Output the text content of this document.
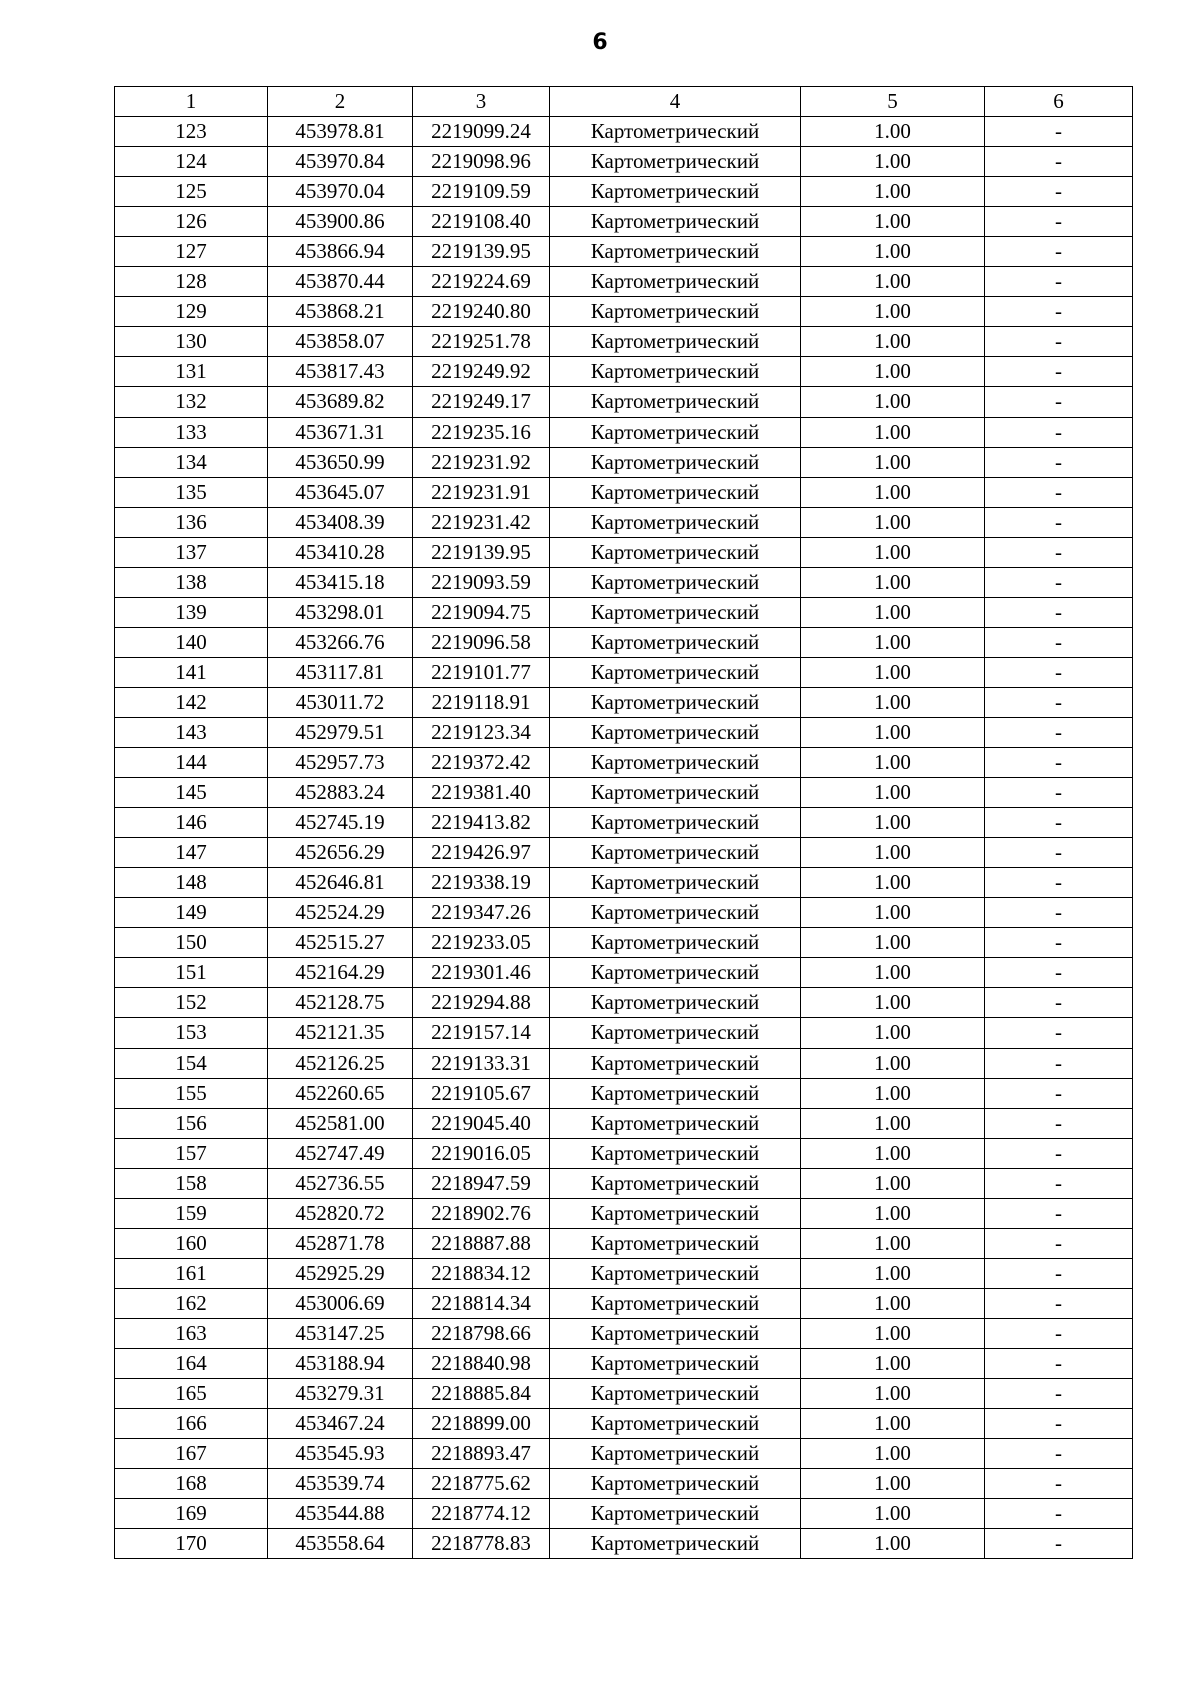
6
1	2	3	4	5	6
123	453978.81	2219099.24	Картометрический	1.00	-
124	453970.84	2219098.96	Картометрический	1.00	-
125	453970.04	2219109.59	Картометрический	1.00	-
126	453900.86	2219108.40	Картометрический	1.00	-
127	453866.94	2219139.95	Картометрический	1.00	-
128	453870.44	2219224.69	Картометрический	1.00	-
129	453868.21	2219240.80	Картометрический	1.00	-
130	453858.07	2219251.78	Картометрический	1.00	-
131	453817.43	2219249.92	Картометрический	1.00	-
132	453689.82	2219249.17	Картометрический	1.00	-
133	453671.31	2219235.16	Картометрический	1.00	-
134	453650.99	2219231.92	Картометрический	1.00	-
135	453645.07	2219231.91	Картометрический	1.00	-
136	453408.39	2219231.42	Картометрический	1.00	-
137	453410.28	2219139.95	Картометрический	1.00	-
138	453415.18	2219093.59	Картометрический	1.00	-
139	453298.01	2219094.75	Картометрический	1.00	-
140	453266.76	2219096.58	Картометрический	1.00	-
141	453117.81	2219101.77	Картометрический	1.00	-
142	453011.72	2219118.91	Картометрический	1.00	-
143	452979.51	2219123.34	Картометрический	1.00	-
144	452957.73	2219372.42	Картометрический	1.00	-
145	452883.24	2219381.40	Картометрический	1.00	-
146	452745.19	2219413.82	Картометрический	1.00	-
147	452656.29	2219426.97	Картометрический	1.00	-
148	452646.81	2219338.19	Картометрический	1.00	-
149	452524.29	2219347.26	Картометрический	1.00	-
150	452515.27	2219233.05	Картометрический	1.00	-
151	452164.29	2219301.46	Картометрический	1.00	-
152	452128.75	2219294.88	Картометрический	1.00	-
153	452121.35	2219157.14	Картометрический	1.00	-
154	452126.25	2219133.31	Картометрический	1.00	-
155	452260.65	2219105.67	Картометрический	1.00	-
156	452581.00	2219045.40	Картометрический	1.00	-
157	452747.49	2219016.05	Картометрический	1.00	-
158	452736.55	2218947.59	Картометрический	1.00	-
159	452820.72	2218902.76	Картометрический	1.00	-
160	452871.78	2218887.88	Картометрический	1.00	-
161	452925.29	2218834.12	Картометрический	1.00	-
162	453006.69	2218814.34	Картометрический	1.00	-
163	453147.25	2218798.66	Картометрический	1.00	-
164	453188.94	2218840.98	Картометрический	1.00	-
165	453279.31	2218885.84	Картометрический	1.00	-
166	453467.24	2218899.00	Картометрический	1.00	-
167	453545.93	2218893.47	Картометрический	1.00	-
168	453539.74	2218775.62	Картометрический	1.00	-
169	453544.88	2218774.12	Картометрический	1.00	-
170	453558.64	2218778.83	Картометрический	1.00	-
